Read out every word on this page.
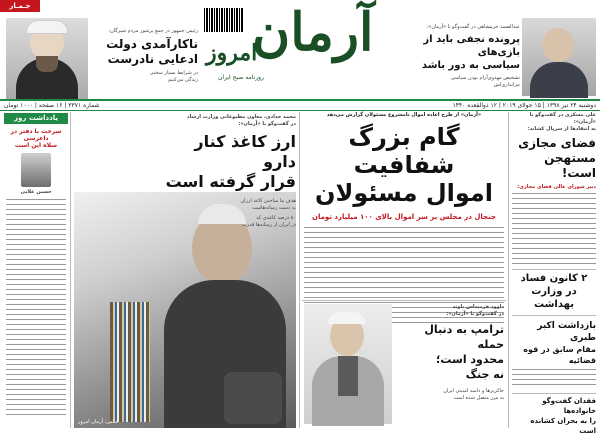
جـمـار
رئیس جمهور در جمع پرشور مردم شیرگان:
ناکارآمدی دولت
ادعایی نادرست
در شرایط بسیار سختی
زندگی می‌کنیم
آرمان
امروز
روزنامه صبح ایران
عبدالصمد خرمشاهی در گفت‌وگو با «آرمان»:
پرونده نجفی باید از بازی‌های
سیاسی به دور باشد
تشخیص مهدوی‌آرام بودن سیاسی
تیراندازی‌اش
دوشنبه ۲۴ تیر ۱۳۹۸ | ۱۵ جولای ۲۰۱۹ | ۱۲ ذوالقعده ۱۴۴۰
شماره ۳۳۷۱ | ۱۶ صفحه | ۱۰۰۰ تومان
یادداشت روز
سرخت با دفتر در داعرسی
سلاه این است
حسین علایی
محمد خدادی، معاون مطبوعاتی وزارت ارشاد
در گفت‌وگو با «آرمان»:
ارز کاغذ کنار دارو
قرار گرفته است
هدف ما ساختن کاغذ ارزان
به دست رسانه‌هاست
۸۰ درصد کاغذی که
در ایران از رسانه‌ها قدرت
عکس: آرمان امروز
«آرمان» از طرح اعاده اموال نامشروع مسئولان گزارش می‌دهد
گام بزرگ شفافیت
اموال مسئولان
جنجال در مجلس بر سر اموال بالای ۱۰۰ میلیارد تومان
داوود هرمیداس باوند
در گفت‌وگو با «آرمان»:
ترامپ به دنبال حمله
محدود است؛
نه جنگ
خاکریزها و دامنه امنیتی ایران
به مرز متصل شده است
علی مسکری در گفت‌وگو با «آرمان»:
به انتقادها از سرپال کشاند:
فضای مجازی
مستهجن است!
دبیر شورای عالی فضای مجازی:
۲ کانون فساد
در وزارت بهداشت
بازداشت اکبر طبری
مقام سابق در قوه قضائیه
فقدان گفت‌وگو خانواده‌ها
را به بحران کشانده است
